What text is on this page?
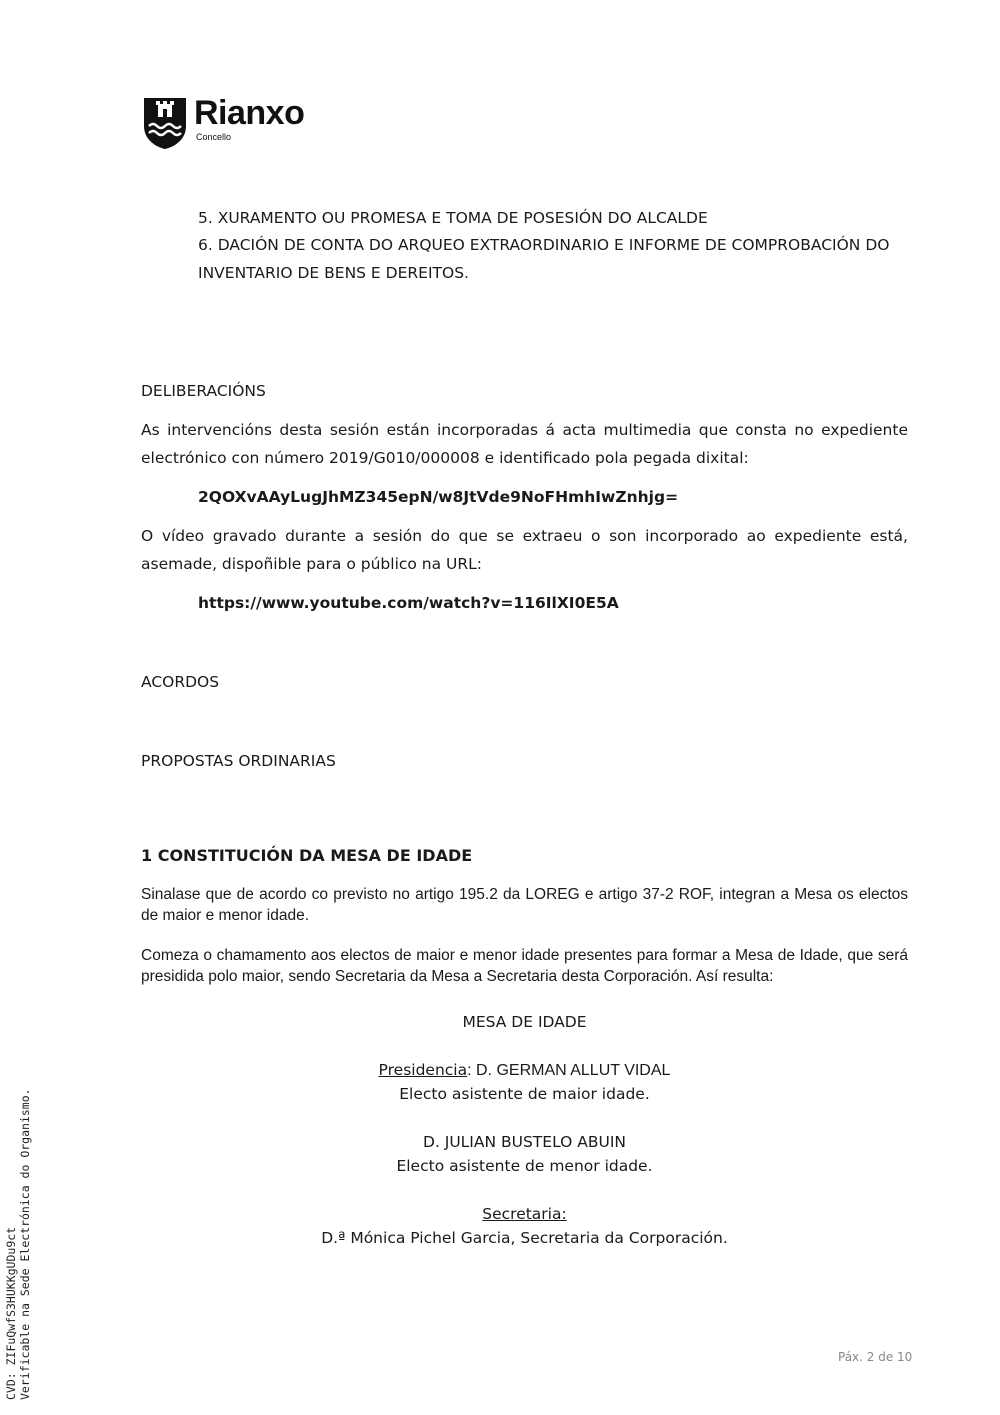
Rianxo
Concello
5. XURAMENTO OU PROMESA E TOMA DE POSESIÓN DO ALCALDE
6. DACIÓN DE CONTA DO ARQUEO EXTRAORDINARIO E INFORME DE COMPROBACIÓN DO
INVENTARIO DE BENS E DEREITOS.
DELIBERACIÓNS
As intervencións desta sesión están incorporadas á acta multimedia que consta no expediente electrónico con número 2019/G010/000008 e identificado pola pegada dixital:
2QOXvAAyLugJhMZ345epN/w8JtVde9NoFHmhIwZnhjg=
O vídeo gravado durante a sesión do que se extraeu o son incorporado ao expediente está, asemade, dispoñible para o público na URL:
https://www.youtube.com/watch?v=116IlXI0E5A
ACORDOS
PROPOSTAS ORDINARIAS
1 CONSTITUCIÓN DA MESA DE IDADE
Sinalase que de acordo co previsto no artigo 195.2 da LOREG e artigo 37-2 ROF, integran a Mesa os electos de maior e menor idade.
Comeza o chamamento aos electos de maior e menor idade presentes para formar a Mesa de Idade, que será presidida polo maior, sendo Secretaria da Mesa a Secretaria desta Corporación. Así resulta:
MESA DE IDADE
Presidencia: D. GERMAN ALLUT VIDAL
Electo asistente de maior idade.
D. JULIAN BUSTELO ABUIN
Electo asistente de menor idade.
Secretaria:
D.ª Mónica Pichel Garcia, Secretaria da Corporación.
CVD: ZIFuQwfS3HUKKgUDu9ct Verificable na Sede Electrónica do Organismo.	Páx. 2 de 10
